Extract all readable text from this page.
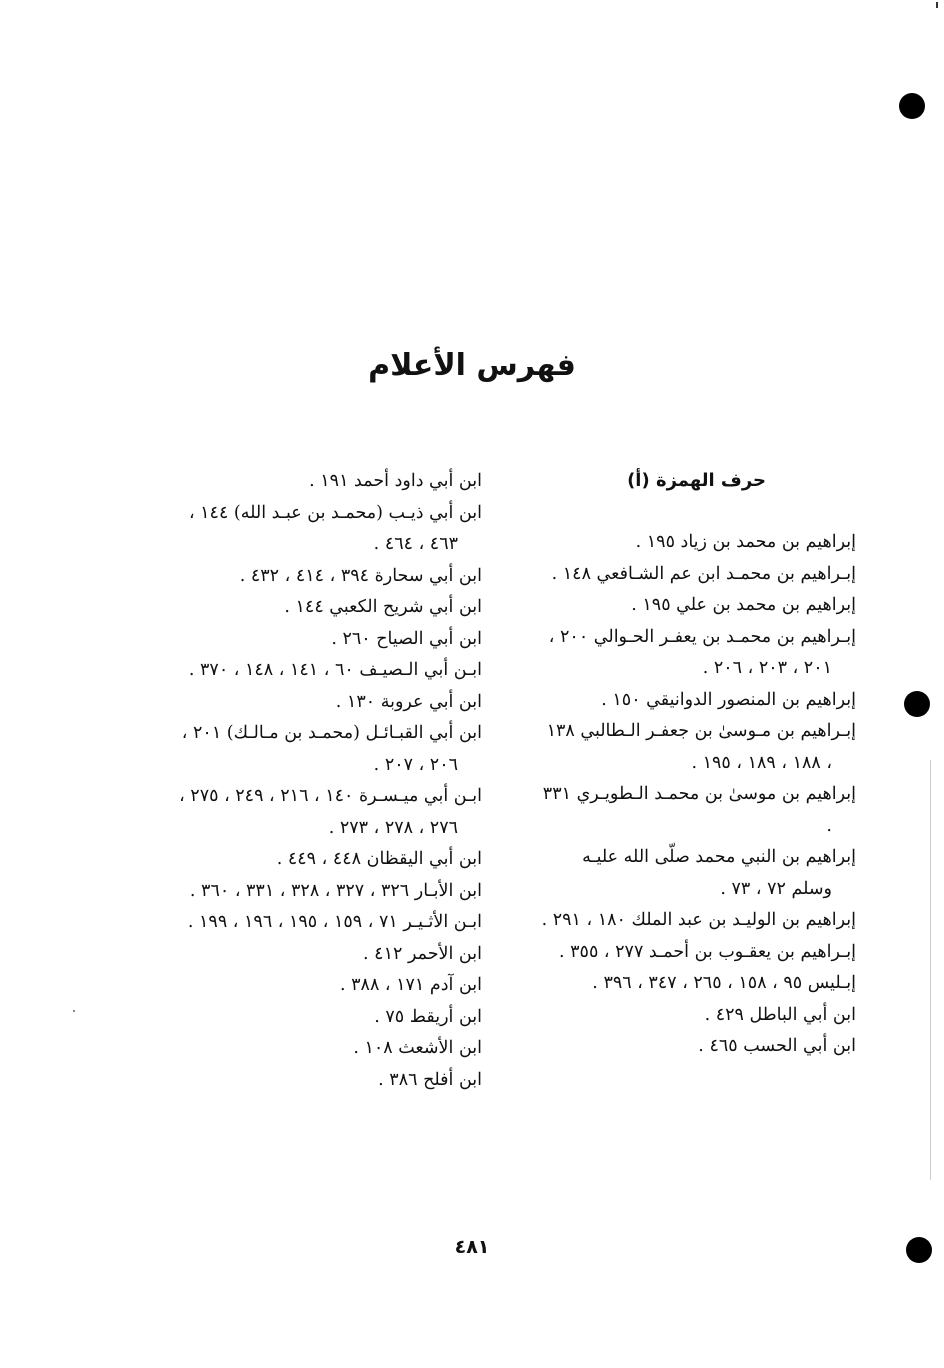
فهرس الأعلام
حرف الهمزة (أ)

إبراهيم بن محمد بن زياد ١٩٥ .

إبـراهيم بن محمـد ابن عم الشـافعي ١٤٨ .

إبراهيم بن محمد بن علي ١٩٥ .

إبـراهيم بن محمـد بن يعفـر الحـوالي ٢٠٠ ، ٢٠١ ، ٢٠٣ ، ٢٠٦ .

إبراهيم بن المنصور الدوانيقي ١٥٠ .

إبـراهيم بن مـوسىٰ بن جعفـر الـطالبي ١٣٨ ، ١٨٨ ، ١٨٩ ، ١٩٥ .

إبراهيم بن موسىٰ بن محمـد الـطويـري ٣٣١ .

إبراهيم بن النبي محمد صلّى الله عليـه وسلم ٧٢ ، ٧٣ .

إبراهيم بن الوليـد بن عبد الملك ١٨٠ ، ٢٩١ .

إبـراهيم بن يعقـوب بن أحمـد ٢٧٧ ، ٣٥٥ .

إبـليس ٩٥ ، ١٥٨ ، ٢٦٥ ، ٣٤٧ ، ٣٩٦ .

ابن أبي الباطل ٤٢٩ .

ابن أبي الحسب ٤٦٥ .

ابن أبي داود أحمد ١٩١ .

ابن أبي ذيـب (محمـد بن عبـد الله) ١٤٤ ، ٤٦٣ ، ٤٦٤ .

ابن أبي سحارة ٣٩٤ ، ٤١٤ ، ٤٣٢ .

ابن أبي شريح الكعبي ١٤٤ .

ابن أبي الصياح ٢٦٠ .

ابـن أبي الـصيـف ٦٠ ، ١٤١ ، ١٤٨ ، ٣٧٠ .

ابن أبي عروبة ١٣٠ .

ابن أبي القبـائـل (محمـد بن مـالـك) ٢٠١ ، ٢٠٦ ، ٢٠٧ .

ابـن أبي ميـسـرة ١٤٠ ، ٢١٦ ، ٢٤٩ ، ٢٧٥ ، ٢٧٦ ، ٢٧٨ ، ٢٧٣ .

ابن أبي اليقظان ٤٤٨ ، ٤٤٩ .

ابن الأبـار ٣٢٦ ، ٣٢٧ ، ٣٢٨ ، ٣٣١ ، ٣٦٠ .

ابـن الأثـيـر ٧١ ، ١٥٩ ، ١٩٥ ، ١٩٦ ، ١٩٩ .

ابن الأحمر ٤١٢ .

ابن آدم ١٧١ ، ٣٨٨ .

ابن أريقط ٧٥ .

ابن الأشعث ١٠٨ .

ابن أفلح ٣٨٦ .

٤٨١
